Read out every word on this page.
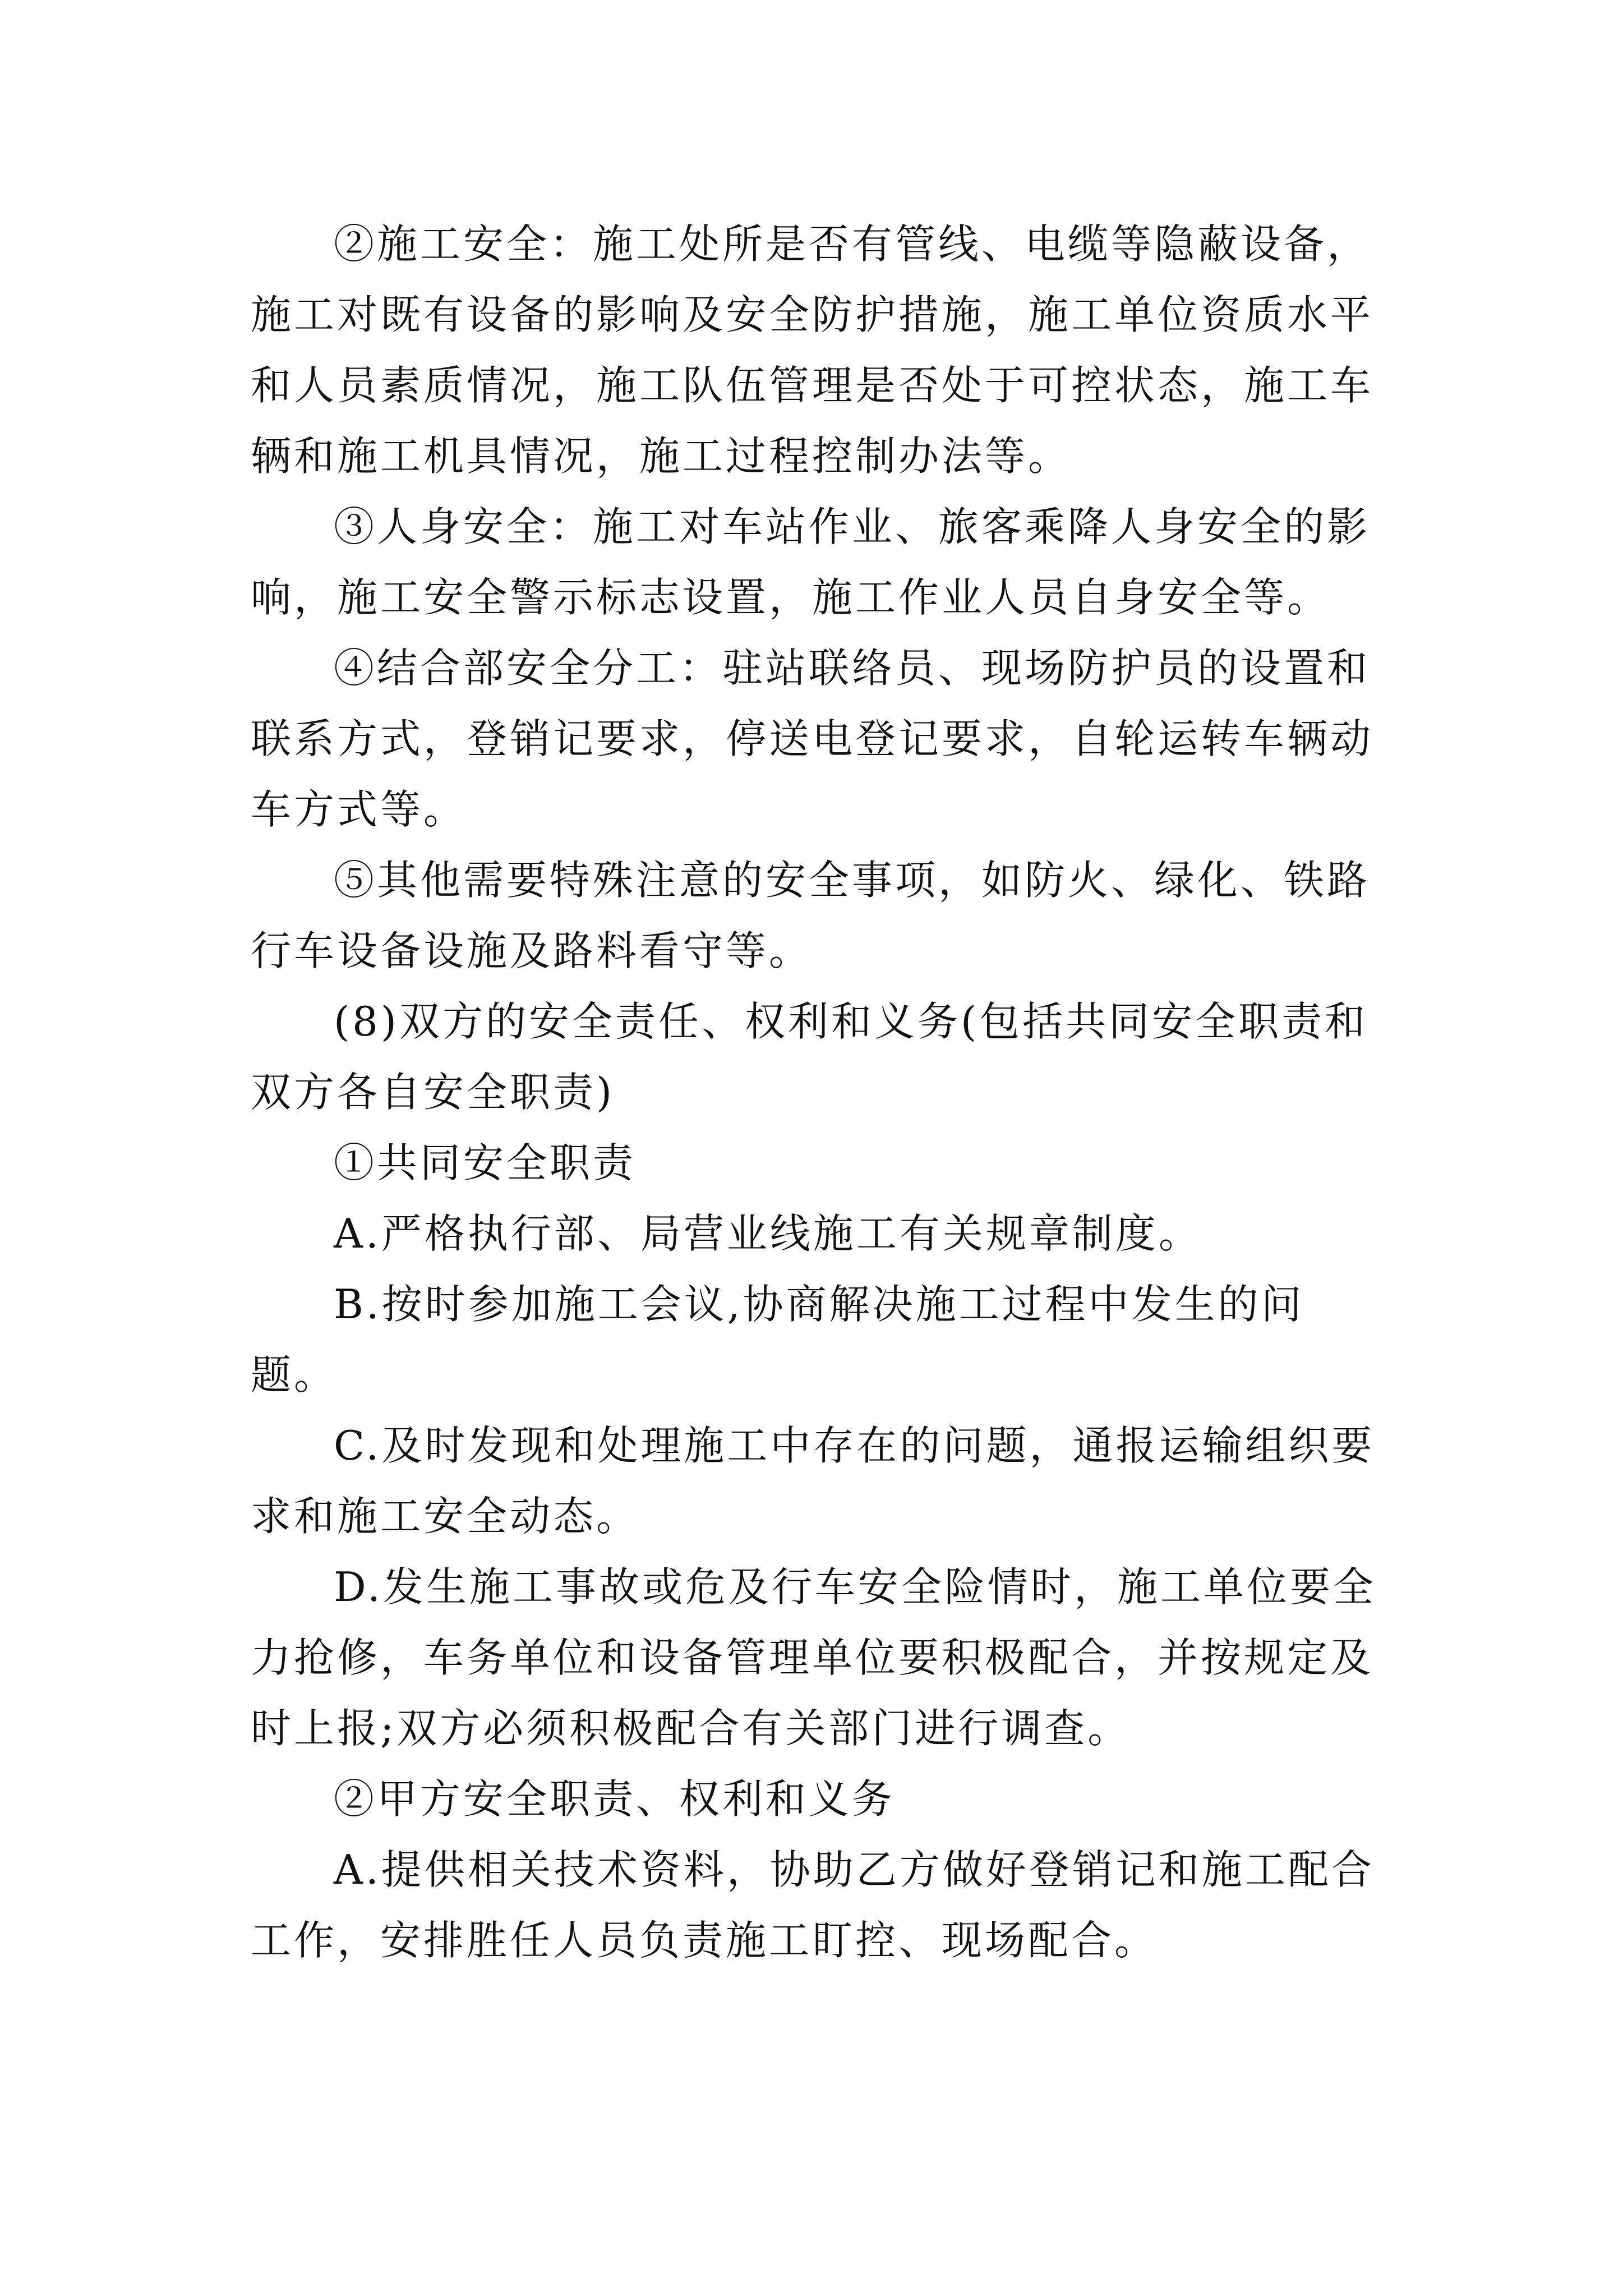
②施工安全：施工处所是否有管线、电缆等隐蔽设备，施工对既有设备的影响及安全防护措施，施工单位资质水平和人员素质情况，施工队伍管理是否处于可控状态，施工车辆和施工机具情况，施工过程控制办法等。

③人身安全：施工对车站作业、旅客乘降人身安全的影响，施工安全警示标志设置，施工作业人员自身安全等。

④结合部安全分工：驻站联络员、现场防护员的设置和联系方式，登销记要求，停送电登记要求，自轮运转车辆动车方式等。

⑤其他需要特殊注意的安全事项，如防火、绿化、铁路行车设备设施及路料看守等。

(8)双方的安全责任、权利和义务(包括共同安全职责和双方各自安全职责)

①共同安全职责

A.严格执行部、局营业线施工有关规章制度。

B.按时参加施工会议,协商解决施工过程中发生的问题。

C.及时发现和处理施工中存在的问题，通报运输组织要求和施工安全动态。

D.发生施工事故或危及行车安全险情时，施工单位要全力抢修，车务单位和设备管理单位要积极配合，并按规定及时上报;双方必须积极配合有关部门进行调查。

②甲方安全职责、权利和义务

A.提供相关技术资料，协助乙方做好登销记和施工配合工作，安排胜任人员负责施工盯控、现场配合。
